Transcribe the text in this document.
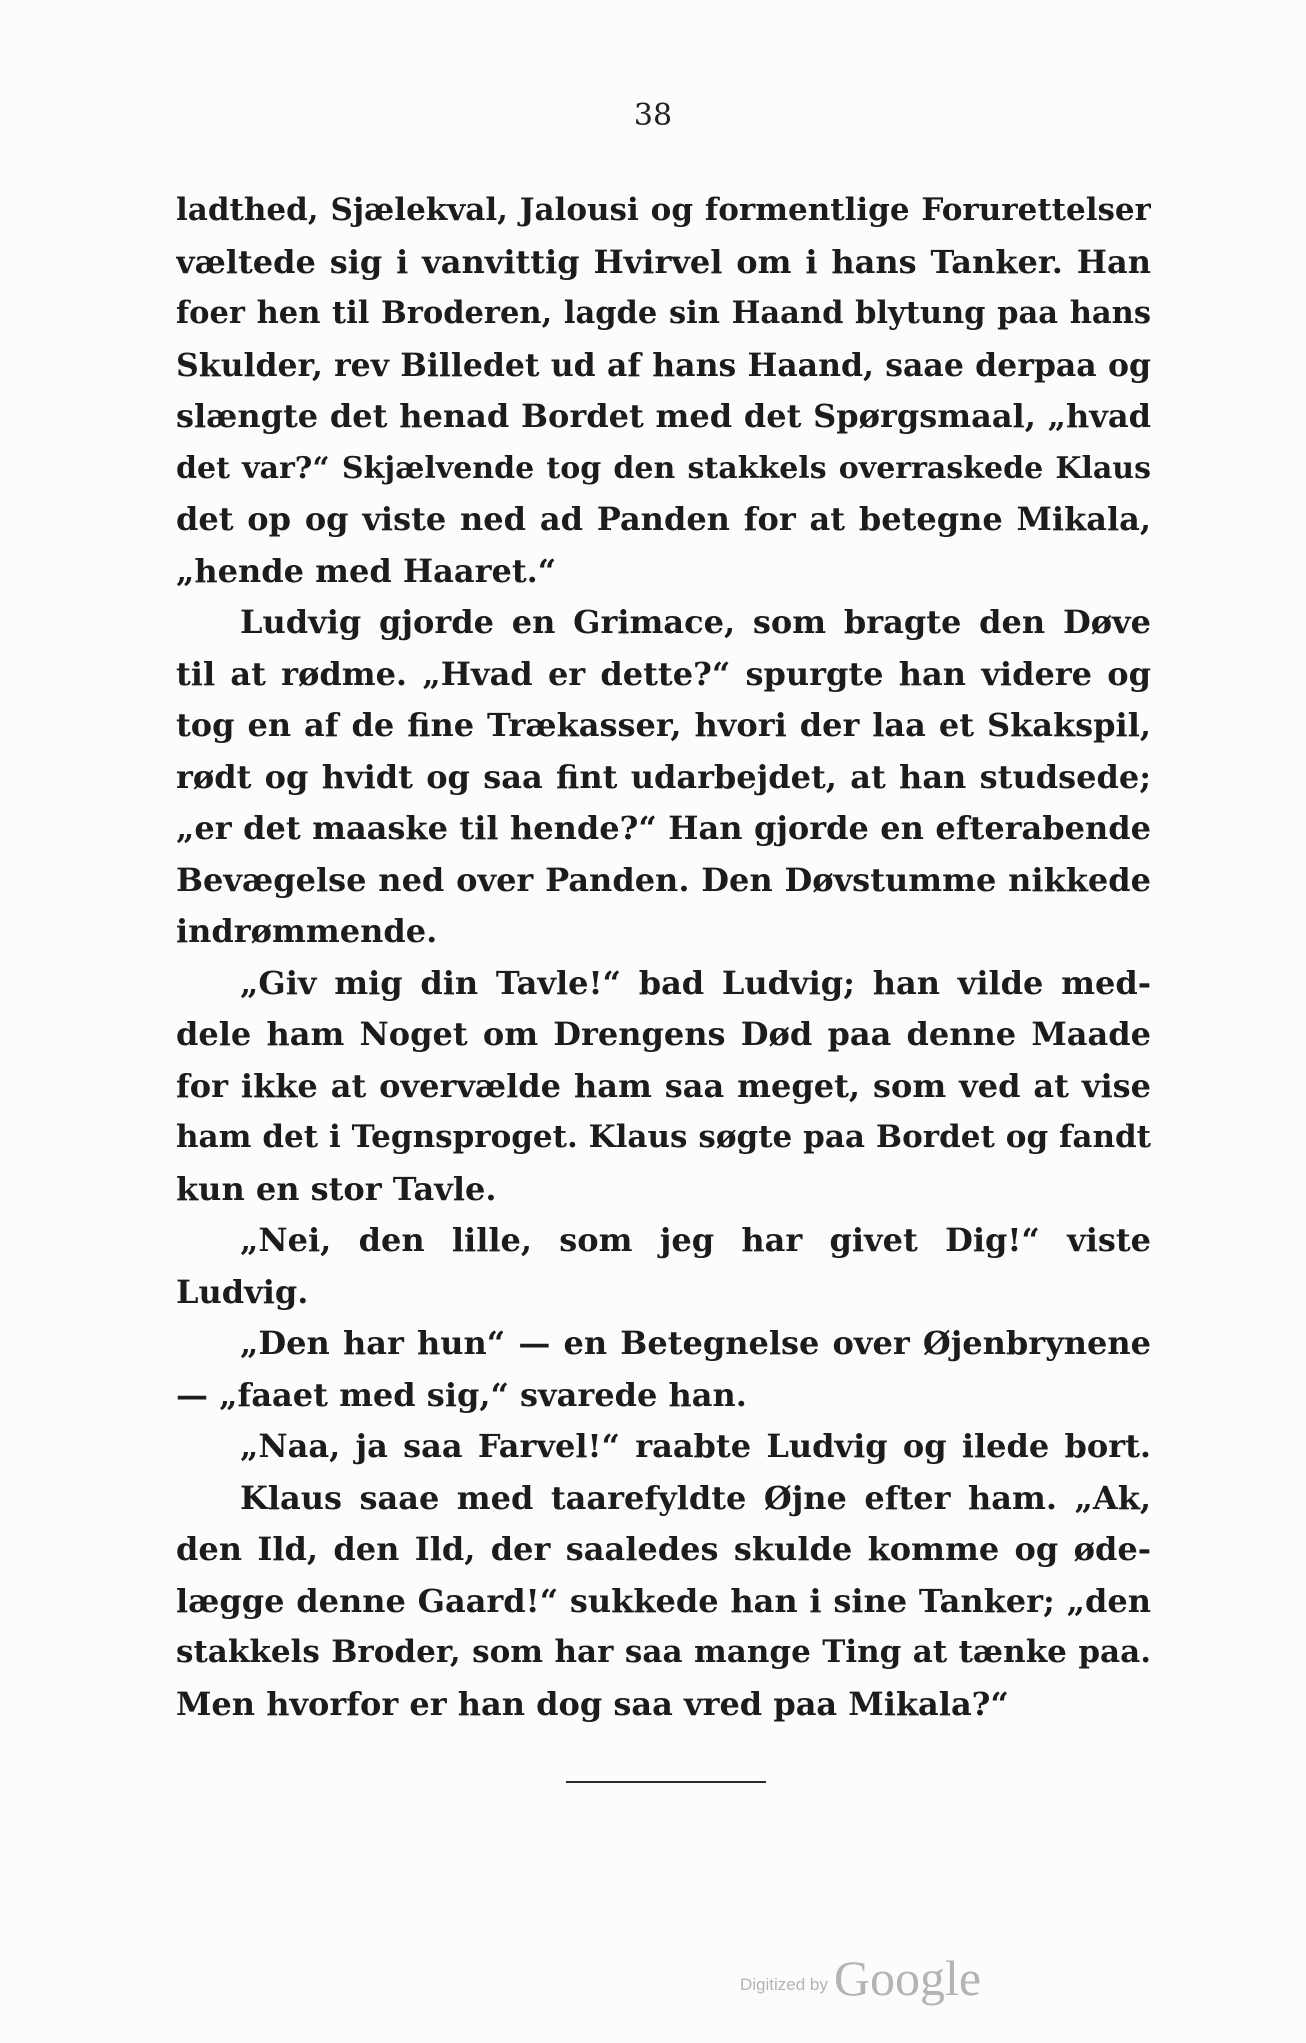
38
ladthed, Sjælekval, Jalousi og formentlige Forurettelser
væltede sig i vanvittig Hvirvel om i hans Tanker. Han
foer hen til Broderen, lagde sin Haand blytung paa hans
Skulder, rev Billedet ud af hans Haand, saae derpaa og
slængte det henad Bordet med det Spørgsmaal, „hvad
det var?“ Skjælvende tog den stakkels overraskede Klaus
det op og viste ned ad Panden for at betegne Mikala,
„hende med Haaret.“
Ludvig gjorde en Grimace, som bragte den Døve
til at rødme. „Hvad er dette?“ spurgte han videre og
tog en af de fine Trækasser, hvori der laa et Skakspil,
rødt og hvidt og saa fint udarbejdet, at han studsede;
„er det maaske til hende?“ Han gjorde en efterabende
Bevægelse ned over Panden. Den Døvstumme nikkede
indrømmende.
„Giv mig din Tavle!“ bad Ludvig; han vilde med-
dele ham Noget om Drengens Død paa denne Maade
for ikke at overvælde ham saa meget, som ved at vise
ham det i Tegnsproget. Klaus søgte paa Bordet og fandt
kun en stor Tavle.
„Nei, den lille, som jeg har givet Dig!“ viste
Ludvig.
„Den har hun“ — en Betegnelse over Øjenbrynene
— „faaet med sig,“ svarede han.
„Naa, ja saa Farvel!“ raabte Ludvig og ilede bort.
Klaus saae med taarefyldte Øjne efter ham. „Ak,
den Ild, den Ild, der saaledes skulde komme og øde-
lægge denne Gaard!“ sukkede han i sine Tanker; „den
stakkels Broder, som har saa mange Ting at tænke paa.
Men hvorfor er han dog saa vred paa Mikala?“
Digitized by Google
